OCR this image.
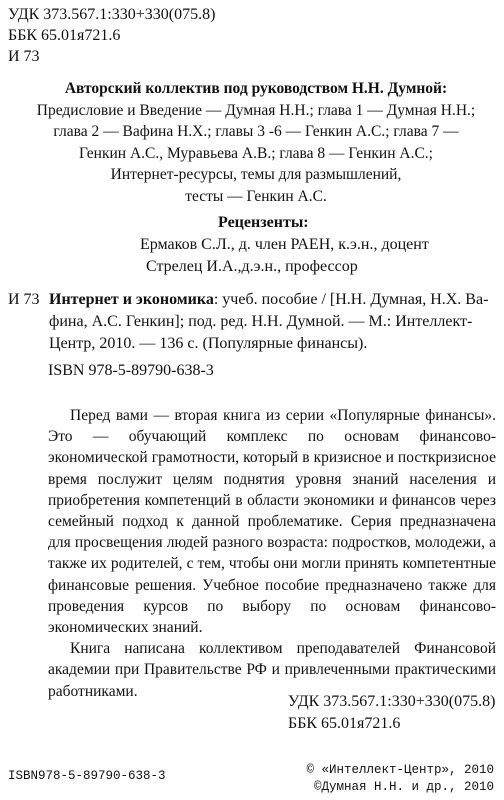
УДК 373.567.1:330+330(075.8)
ББК 65.01я721.6
И 73
Авторский коллектив под руководством Н.Н. Думной:
Предисловие и Введение — Думная Н.Н.; глава 1 — Думная Н.Н.;
глава 2 — Вафина Н.Х.; главы 3 -6 — Генкин А.С.; глава 7 —
Генкин А.С., Муравьева А.В.; глава 8 — Генкин А.С.;
Интернет-ресурсы, темы для размышлений,
тесты — Генкин А.С.
Рецензенты:
Ермаков С.Л., д. член РАЕН, к.э.н., доцент
Стрелец И.А.,д.э.н., профессор
И 73 Интернет и экономика: учеб. пособие / [Н.Н. Думная, Н.Х. Ва-
фина, А.С. Генкин]; под. ред. Н.Н. Думной. — М.: Интеллект-
Центр, 2010. — 136 с. (Популярные финансы).
ISBN 978-5-89790-638-3

Перед вами — вторая книга из серии «Популярные финансы». Это — обучающий комплекс по основам финансово-экономической грамотности, который в кризисное и посткризисное время послужит целям поднятия уровня знаний населения и приобретения компетенций в области экономики и финансов через семейный подход к данной проблематике. Серия предназначена для просвещения людей разного возраста: подростков, молодежи, а также их родителей, с тем, чтобы они могли принять компетентные финансовые решения. Учебное пособие предназначено также для проведения курсов по выбору по основам финансово-экономических знаний.

Книга написана коллективом преподавателей Финансовой академии при Правительстве РФ и привлеченными практическими работниками.

УДК 373.567.1:330+330(075.8)
ББК 65.01я721.6
ISBN978-5-89790-638-3	© «Интеллект-Центр», 2010
©Думная Н.Н. и др., 2010
